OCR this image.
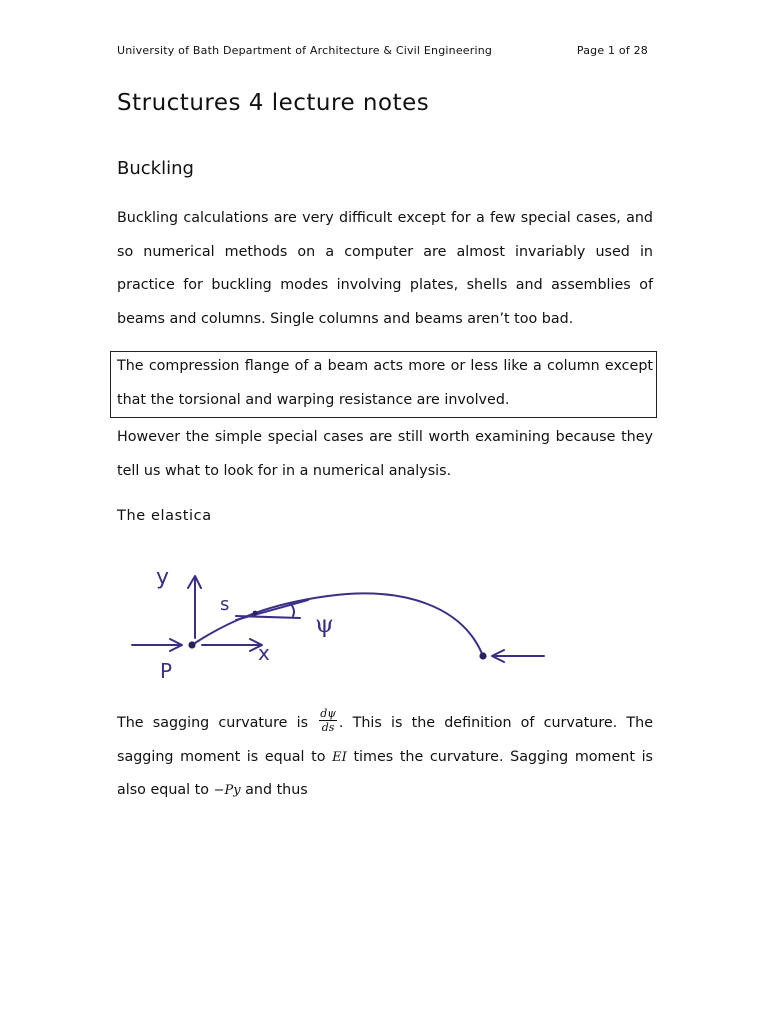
University of Bath Department of Architecture & Civil Engineering	Page 1 of 28
Structures 4 lecture notes
Buckling

Buckling calculations are very difficult except for a few special cases, and so numerical methods on a computer are almost invariably used in practice for buckling modes involving plates, shells and assemblies of beams and columns. Single columns and beams aren’t too bad.

The compression flange of a beam acts more or less like a column except that the torsional and warping resistance are involved.

However the simple special cases are still worth examining because they tell us what to look for in a numerical analysis.

The elastica
y
s
ψ
P
x

The sagging curvature is $\frac{d\psi}{ds}$ . This is the definition of curvature. The sagging moment is equal to EI times the curvature. Sagging moment is also equal to −Py and thus
